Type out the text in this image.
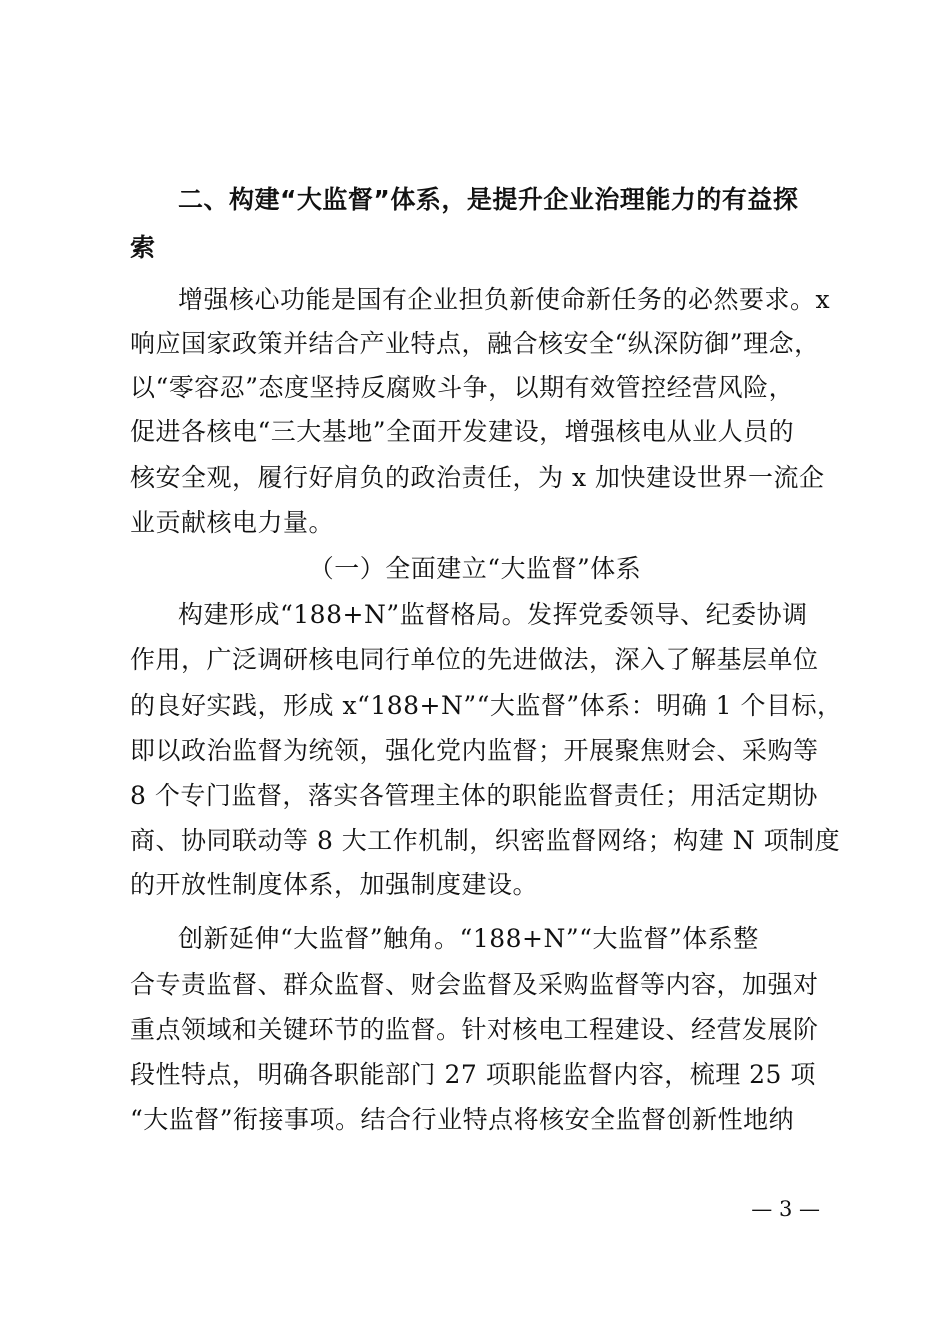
二、构建“大监督”体系，是提升企业治理能力的有益探
索
增强核心功能是国有企业担负新使命新任务的必然要求。x
响应国家政策并结合产业特点，融合核安全“纵深防御”理念，
以“零容忍”态度坚持反腐败斗争，以期有效管控经营风险，
促进各核电“三大基地”全面开发建设，增强核电从业人员的
核安全观，履行好肩负的政治责任，为 x 加快建设世界一流企
业贡献核电力量。
（一）全面建立“大监督”体系
构建形成“188+N”监督格局。发挥党委领导、纪委协调
作用，广泛调研核电同行单位的先进做法，深入了解基层单位
的良好实践，形成 x“188+N”“大监督”体系：明确 1 个目标，
即以政治监督为统领，强化党内监督；开展聚焦财会、采购等
8 个专门监督，落实各管理主体的职能监督责任；用活定期协
商、协同联动等 8 大工作机制，织密监督网络；构建 N 项制度
的开放性制度体系，加强制度建设。
创新延伸“大监督”触角。“188+N”“大监督”体系整
合专责监督、群众监督、财会监督及采购监督等内容，加强对
重点领域和关键环节的监督。针对核电工程建设、经营发展阶
段性特点，明确各职能部门 27 项职能监督内容，梳理 25 项
“大监督”衔接事项。结合行业特点将核安全监督创新性地纳
— 3 —
